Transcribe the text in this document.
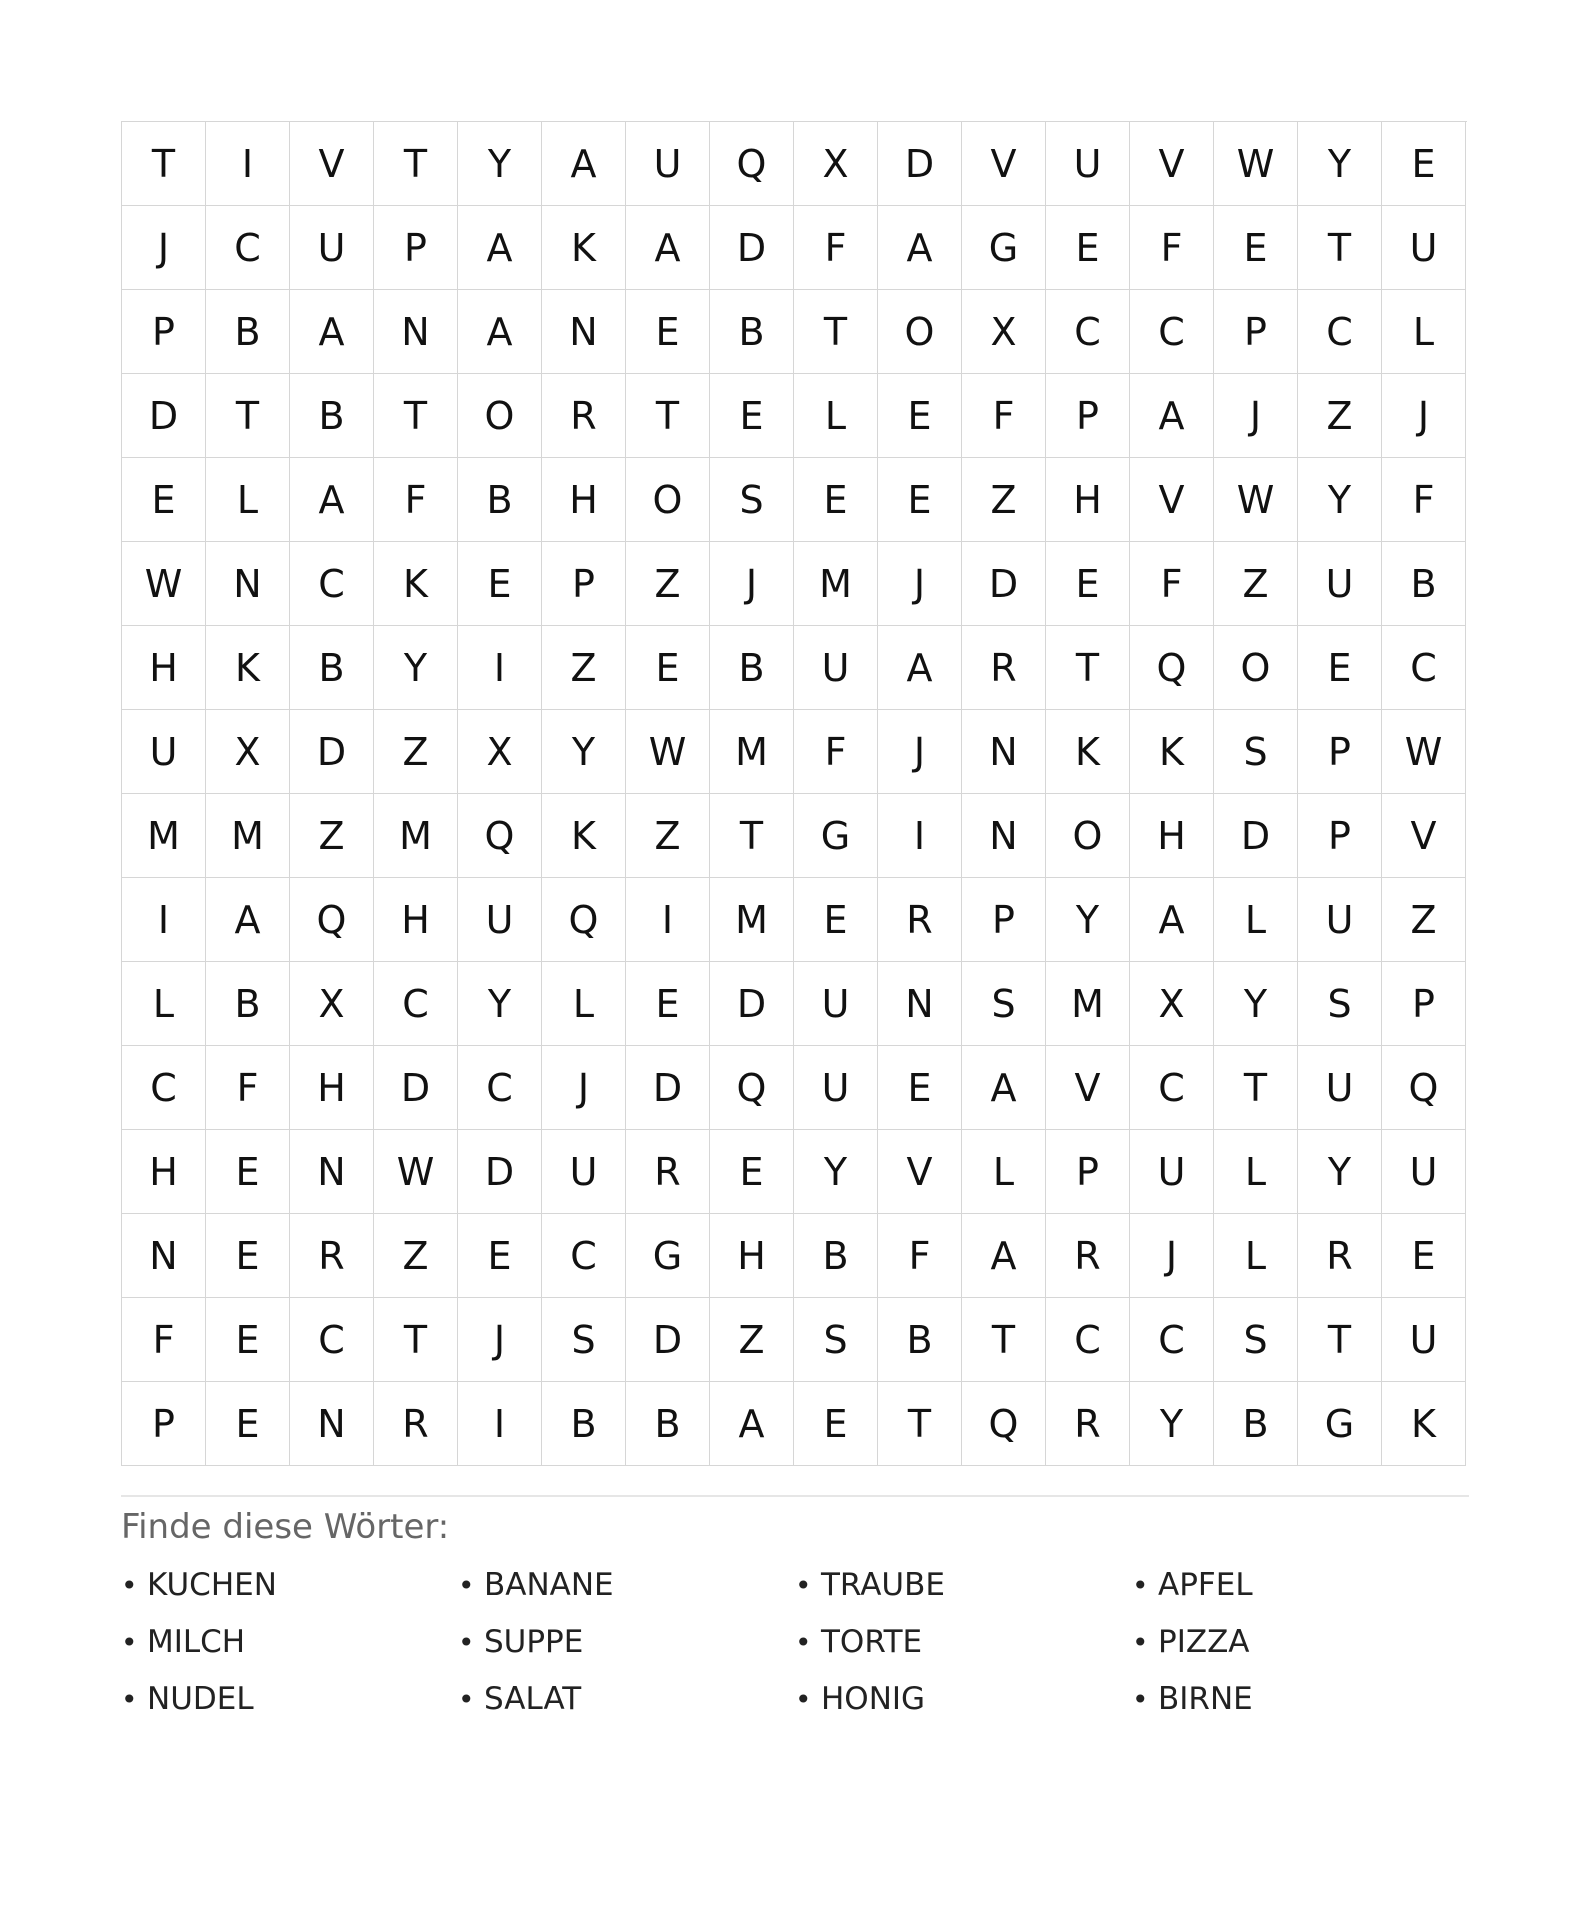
T	I	V	T	Y	A	U	Q	X	D	V	U	V	W	Y	E
J	C	U	P	A	K	A	D	F	A	G	E	F	E	T	U
P	B	A	N	A	N	E	B	T	O	X	C	C	P	C	L
D	T	B	T	O	R	T	E	L	E	F	P	A	J	Z	J
E	L	A	F	B	H	O	S	E	E	Z	H	V	W	Y	F
W	N	C	K	E	P	Z	J	M	J	D	E	F	Z	U	B
H	K	B	Y	I	Z	E	B	U	A	R	T	Q	O	E	C
U	X	D	Z	X	Y	W	M	F	J	N	K	K	S	P	W
M	M	Z	M	Q	K	Z	T	G	I	N	O	H	D	P	V
I	A	Q	H	U	Q	I	M	E	R	P	Y	A	L	U	Z
L	B	X	C	Y	L	E	D	U	N	S	M	X	Y	S	P
C	F	H	D	C	J	D	Q	U	E	A	V	C	T	U	Q
H	E	N	W	D	U	R	E	Y	V	L	P	U	L	Y	U
N	E	R	Z	E	C	G	H	B	F	A	R	J	L	R	E
F	E	C	T	J	S	D	Z	S	B	T	C	C	S	T	U
P	E	N	R	I	B	B	A	E	T	Q	R	Y	B	G	K
Finde diese Wörter:
• KUCHEN	• BANANE	• TRAUBE	• APFEL
• MILCH	• SUPPE	• TORTE	• PIZZA
• NUDEL	• SALAT	• HONIG	• BIRNE
